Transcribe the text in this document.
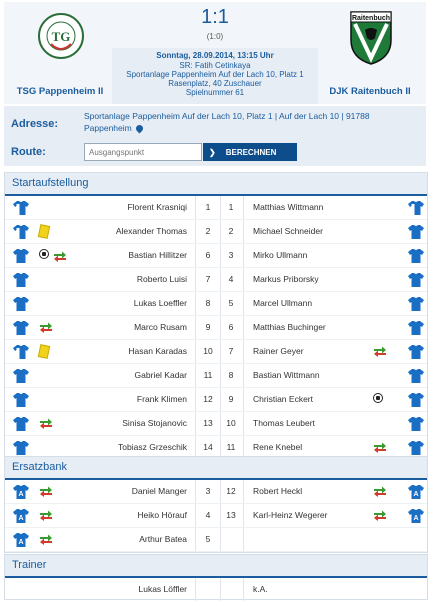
TG
TSG Pappenheim II
1:1
(1:0)
Sonntag, 28.09.2014, 13:15 Uhr
SR: Fatih Cetinkaya
Sportanlage Pappenheim Auf der Lach 10, Platz 1
Rasenplatz, 40 Zuschauer
Spielnummer 61
Raitenbuch
DJK Raitenbuch II
Adresse:
Sportanlage Pappenheim Auf der Lach 10, Platz 1 | Auf der Lach 10 | 91788
Pappenheim
Route:
Ausgangspunkt	❯ BERECHNEN
Startaufstellung
Florent Krasniqi	1	1	Matthias Wittmann
Alexander Thomas	2	2	Michael Schneider
Bastian Hillitzer	6	3	Mirko Ullmann
Roberto Luisi	7	4	Markus Priborsky
Lukas Loeffler	8	5	Marcel Ullmann
Marco Rusam	9	6	Matthias Buchinger
Hasan Karadas	10	7	Rainer Geyer
Gabriel Kadar	11	8	Bastian Wittmann
Frank Klimen	12	9	Christian Eckert
Sinisa Stojanovic	13	10	Thomas Leubert
Tobiasz Grzeschik	14	11	Rene Knebel
Ersatzbank
A	Daniel Manger	3	12	Robert Heckl	A
A	Heiko Hörauf	4	13	Karl-Heinz Wegerer	A
A	Arthur Batea	5
Trainer
Lukas Löffler	k.A.
